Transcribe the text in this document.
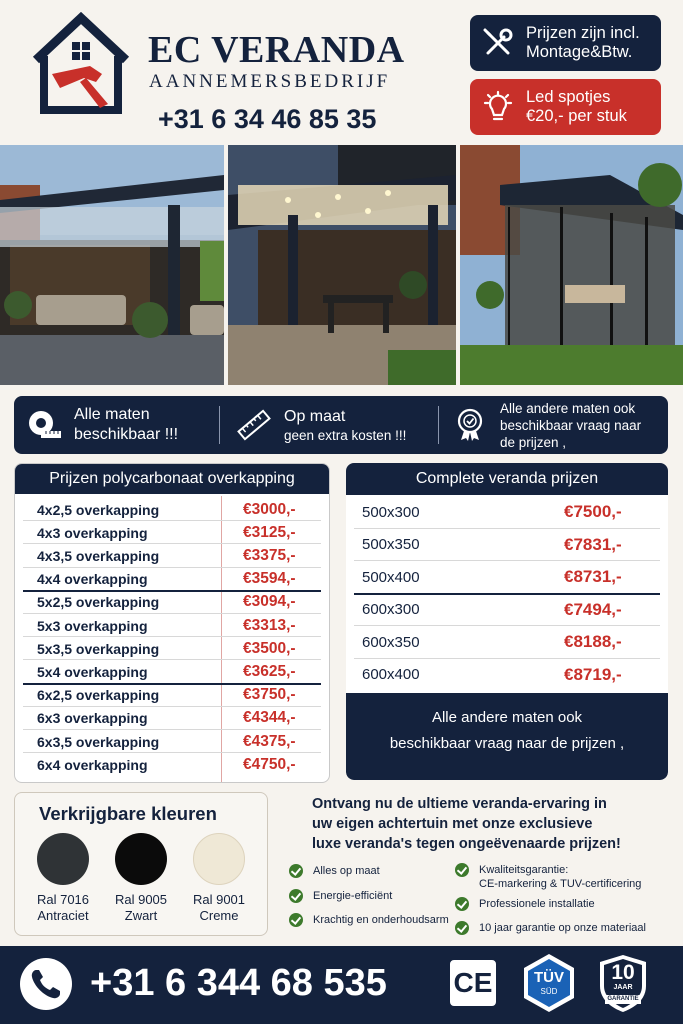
EC VERANDA
AANNEMERSBEDRIJF
+31 6 34 46 85 35
Prijzen zijn incl.
Montage&Btw.
Led spotjes
€20,- per stuk
Alle maten
beschikbaar !!!
Op maat
geen extra kosten !!!
Alle andere maten ook
beschikbaar vraag naar
de prijzen ,
Prijzen polycarbonaat overkapping
4x2,5 overkapping	€3000,-
4x3 overkapping	€3125,-
4x3,5 overkapping	€3375,-
4x4 overkapping	€3594,-
5x2,5 overkapping	€3094,-
5x3 overkapping	€3313,-
5x3,5 overkapping	€3500,-
5x4 overkapping	€3625,-
6x2,5 overkapping	€3750,-
6x3 overkapping	€4344,-
6x3,5 overkapping	€4375,-
6x4 overkapping	€4750,-
Complete veranda prijzen
500x300	€7500,-
500x350	€7831,-
500x400	€8731,-
600x300	€7494,-
600x350	€8188,-
600x400	€8719,-
Alle andere maten ook
beschikbaar vraag naar de prijzen ,
Verkrijgbare kleuren
Ral 7016
Antraciet
Ral 9005
Zwart
Ral 9001
Creme
Ontvang nu de ultieme veranda-ervaring in
uw eigen achtertuin met onze exclusieve
luxe veranda's tegen ongeëvenaarde prijzen!
Alles op maat
Energie-efficiënt
Krachtig en onderhoudsarm
Kwaliteitsgarantie:
CE-markering & TUV-certificering
Professionele installatie
10 jaar garantie op onze materiaal
+31 6 344 68 535 CE	TÜV
SÜD
10
JAAR
GARANTIE
